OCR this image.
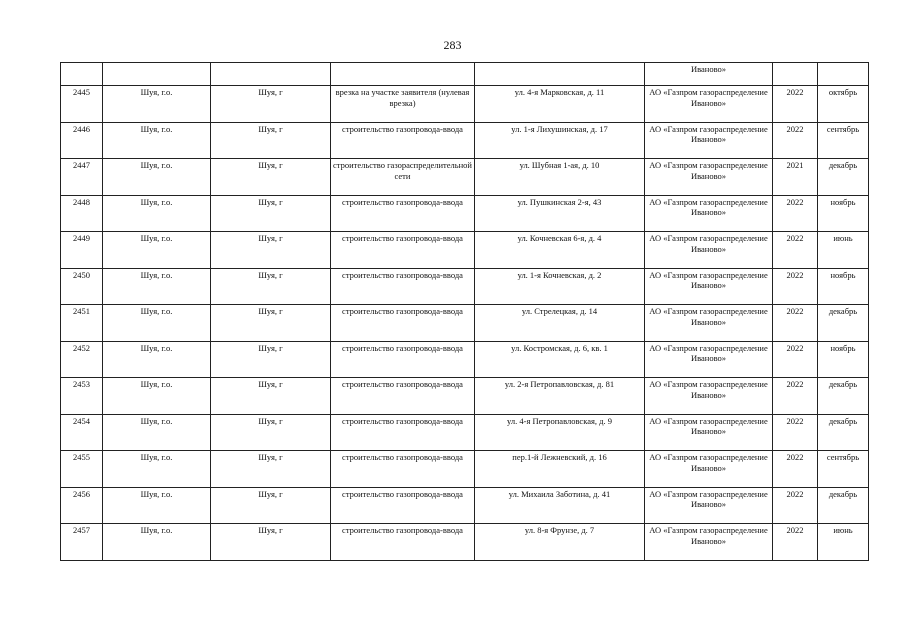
283
					Иваново»		
2445	Шуя, г.о.	Шуя, г	врезка на участке заявителя (нулевая врезка)	ул. 4-я Марковская, д. 11	АО «Газпром газораспределение Иваново»	2022	октябрь
2446	Шуя, г.о.	Шуя, г	строительство газопровода-ввода	ул. 1-я Лихушинская, д. 17	АО «Газпром газораспределение Иваново»	2022	сентябрь
2447	Шуя, г.о.	Шуя, г	строительство газораспределительной сети	ул. Шубная 1-ая, д. 10	АО «Газпром газораспределение Иваново»	2021	декабрь
2448	Шуя, г.о.	Шуя, г	строительство газопровода-ввода	ул. Пушкинская 2-я, 43	АО «Газпром газораспределение Иваново»	2022	ноябрь
2449	Шуя, г.о.	Шуя, г	строительство газопровода-ввода	ул. Кочневская 6-я, д. 4	АО «Газпром газораспределение Иваново»	2022	июнь
2450	Шуя, г.о.	Шуя, г	строительство газопровода-ввода	ул. 1-я Кочневская, д. 2	АО «Газпром газораспределение Иваново»	2022	ноябрь
2451	Шуя, г.о.	Шуя, г	строительство газопровода-ввода	ул. Стрелецкая, д. 14	АО «Газпром газораспределение Иваново»	2022	декабрь
2452	Шуя, г.о.	Шуя, г	строительство газопровода-ввода	ул. Костромская, д. 6, кв. 1	АО «Газпром газораспределение Иваново»	2022	ноябрь
2453	Шуя, г.о.	Шуя, г	строительство газопровода-ввода	ул. 2-я Петропавловская, д. 81	АО «Газпром газораспределение Иваново»	2022	декабрь
2454	Шуя, г.о.	Шуя, г	строительство газопровода-ввода	ул. 4-я Петропавловская, д. 9	АО «Газпром газораспределение Иваново»	2022	декабрь
2455	Шуя, г.о.	Шуя, г	строительство газопровода-ввода	пер.1-й Лежневский, д. 16	АО «Газпром газораспределение Иваново»	2022	сентябрь
2456	Шуя, г.о.	Шуя, г	строительство газопровода-ввода	ул. Михаила Заботина, д. 41	АО «Газпром газораспределение Иваново»	2022	декабрь
2457	Шуя, г.о.	Шуя, г	строительство газопровода-ввода	ул. 8-я Фрунзе, д. 7	АО «Газпром газораспределение Иваново»	2022	июнь
